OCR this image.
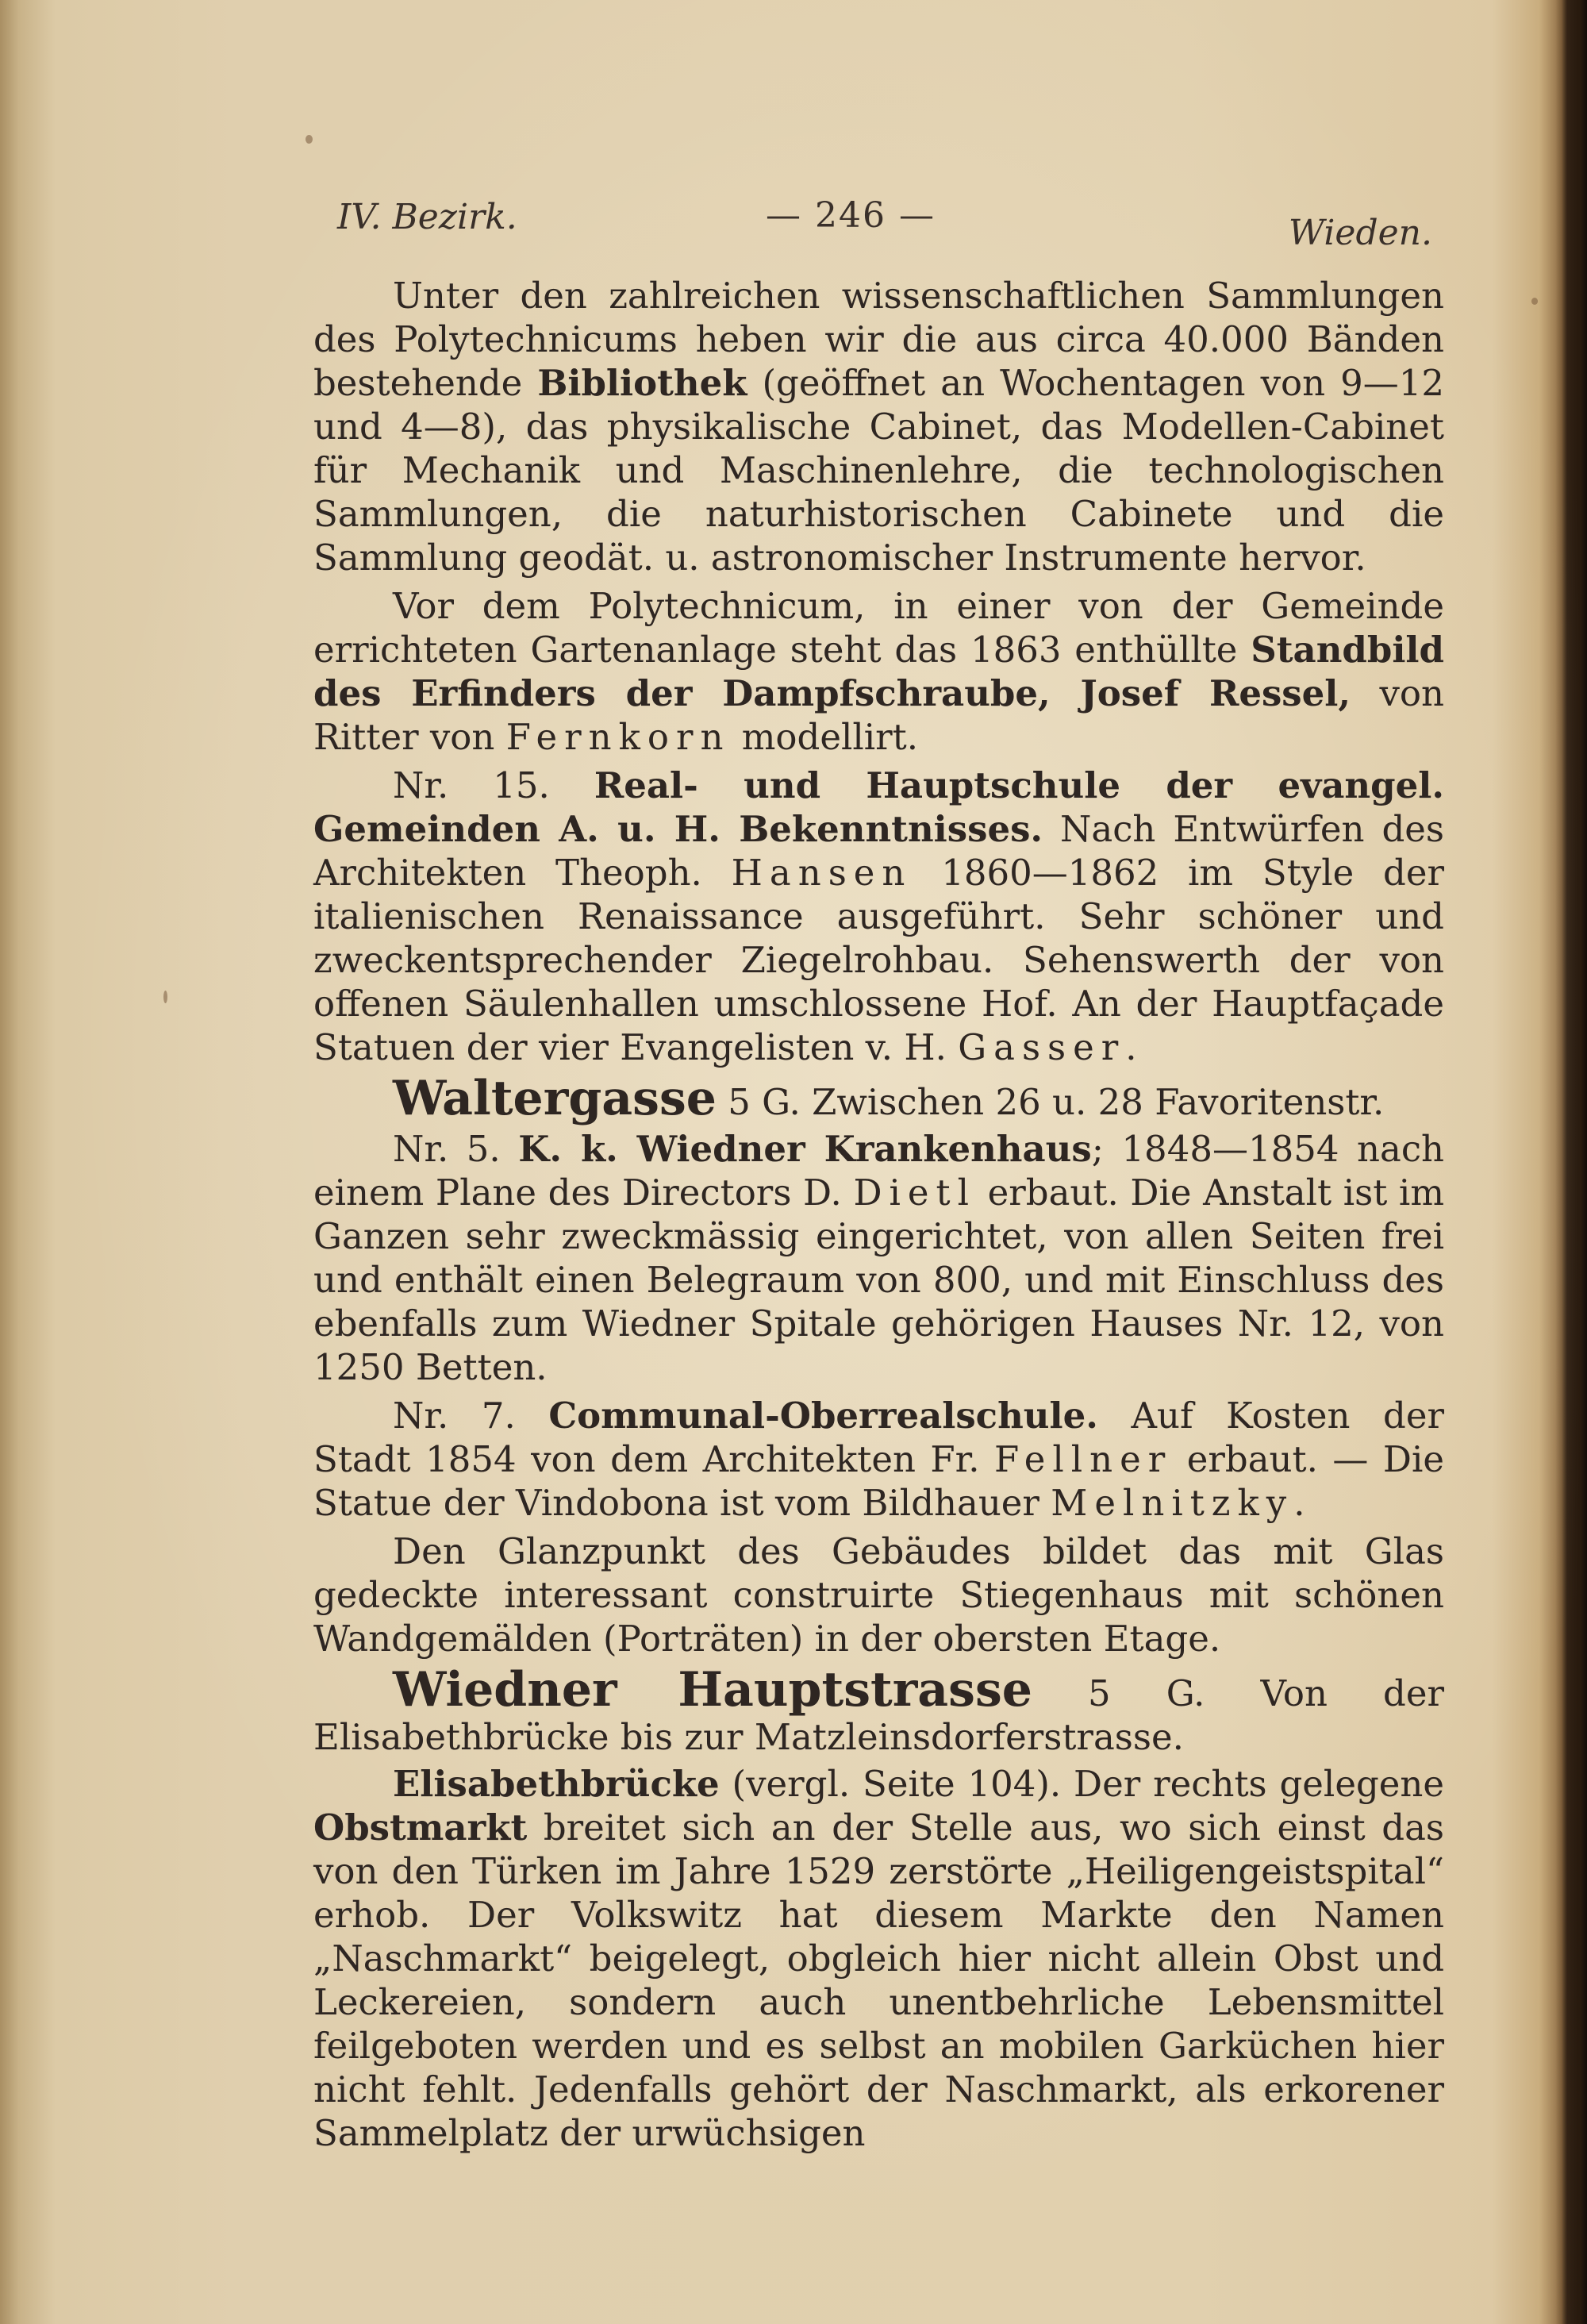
IV. Bezirk.	— 246 —	Wieden.

Unter den zahlreichen wissenschaftlichen Sammlungen des Polytechnicums heben wir die aus circa 40.000 Bänden bestehende Bibliothek (geöffnet an Wochentagen von 9—12 und 4—8), das physikalische Cabinet, das Modellen-Cabinet für Mechanik und Maschinenlehre, die technologischen Sammlungen, die naturhistorischen Cabinete und die Sammlung geodät. u. astronomischer Instrumente hervor.

Vor dem Polytechnicum, in einer von der Gemeinde errichteten Gartenanlage steht das 1863 enthüllte Standbild des Erfinders der Dampfschraube, Josef Ressel, von Ritter von Fernkorn modellirt.

Nr. 15. Real- und Hauptschule der evangel. Gemeinden A. u. H. Bekenntnisses. Nach Entwürfen des Architekten Theoph. Hansen 1860—1862 im Style der italienischen Renaissance ausgeführt. Sehr schöner und zweckentsprechender Ziegelrohbau. Sehenswerth der von offenen Säulenhallen umschlossene Hof. An der Hauptfaçade Statuen der vier Evangelisten v. H. Gasser.

Waltergasse 5 G. Zwischen 26 u. 28 Favoritenstr.

Nr. 5. K. k. Wiedner Krankenhaus; 1848—1854 nach einem Plane des Directors D. Dietl erbaut. Die Anstalt ist im Ganzen sehr zweckmässig eingerichtet, von allen Seiten frei und enthält einen Belegraum von 800, und mit Einschluss des ebenfalls zum Wiedner Spitale gehörigen Hauses Nr. 12, von 1250 Betten.

Nr. 7. Communal-Oberrealschule. Auf Kosten der Stadt 1854 von dem Architekten Fr. Fellner erbaut. — Die Statue der Vindobona ist vom Bildhauer Melnitzky.

Den Glanzpunkt des Gebäudes bildet das mit Glas gedeckte interessant construirte Stiegenhaus mit schönen Wandgemälden (Porträten) in der obersten Etage.

Wiedner Hauptstrasse 5 G. Von der Elisabethbrücke bis zur Matzleinsdorferstrasse.

Elisabethbrücke (vergl. Seite 104). Der rechts gelegene Obstmarkt breitet sich an der Stelle aus, wo sich einst das von den Türken im Jahre 1529 zerstörte „Heiligengeistspital“ erhob. Der Volkswitz hat diesem Markte den Namen „Naschmarkt“ beigelegt, obgleich hier nicht allein Obst und Leckereien, sondern auch unentbehrliche Lebensmittel feilgeboten werden und es selbst an mobilen Garküchen hier nicht fehlt. Jedenfalls gehört der Naschmarkt, als erkorener Sammelplatz der urwüchsigen
